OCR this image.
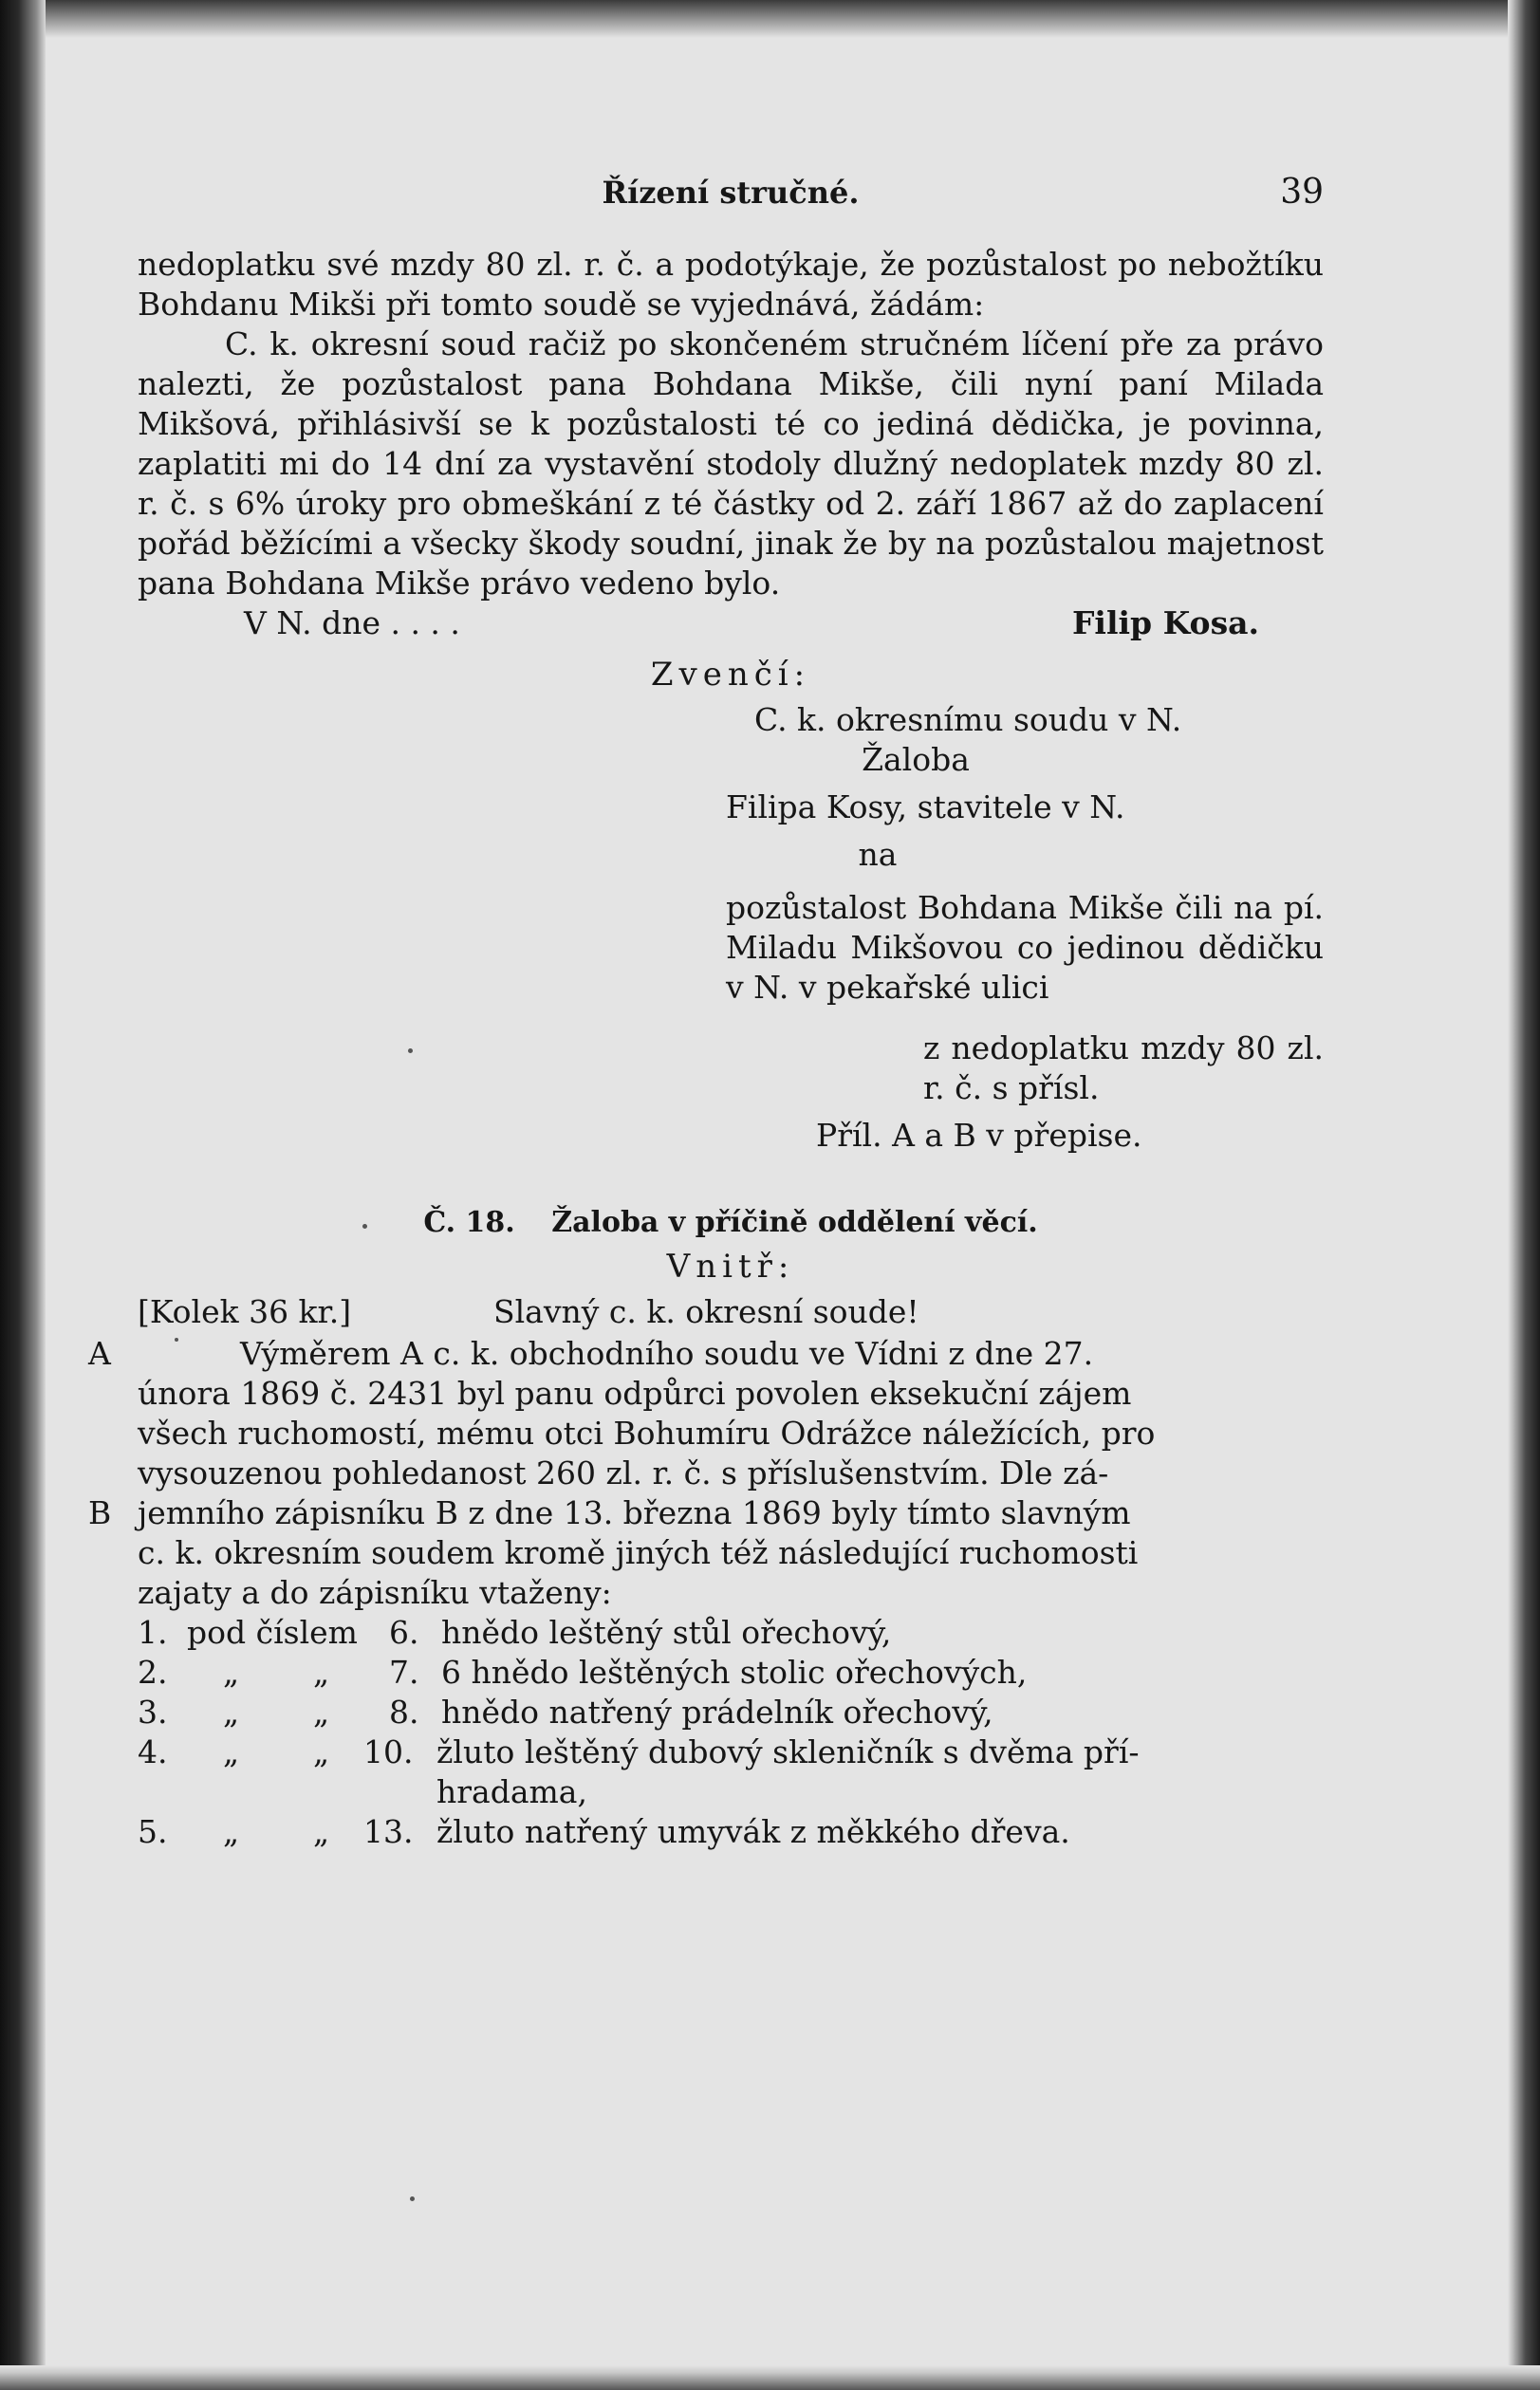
Řízení stručné.	39

nedoplatku své mzdy 80 zl. r. č. a podotýkaje, že pozůstalost po nebožtíku Bohdanu Mikši při tomto soudě se vyjednává, žádám:

C. k. okresní soud račiž po skončeném stručném líčení pře za právo nalezti, že pozůstalost pana Bohdana Mikše, čili nyní paní Milada Mikšová, přihlásivší se k pozůstalosti té co jediná dědička, je povinna, zaplatiti mi do 14 dní za vystavění stodoly dlužný nedoplatek mzdy 80 zl. r. č. s 6% úroky pro obmeškání z té částky od 2. září 1867 až do zaplacení pořád běžícími a všecky škody soudní, jinak že by na pozůstalou majetnost pana Bohdana Mikše právo vedeno bylo.

V N. dne . . . .	Filip Kosa.
Zvenčí:
C. k. okresnímu soudu v N.
Žaloba
Filipa Kosy, stavitele v N.
na

pozůstalost Bohdana Mikše čili na pí. Miladu Mikšovou co jedinou dědičku v N. v pekařské ulici

z nedoplatku mzdy 80 zl. r. č. s přísl.

Příl. A a B v přepise.
Č. 18. Žaloba v příčině oddělení věcí.
Vnitř:
[Kolek 36 kr.]	Slavný c. k. okresní soude!
A	Výměrem A c. k. obchodního soudu ve Vídni z dne 27.
února 1869 č. 2431 byl panu odpůrci povolen eksekuční zájem
všech ruchomostí, mému otci Bohumíru Odrážce náležících, pro
vysouzenou pohledanost 260 zl. r. č. s příslušenstvím. Dle zá-
B jemního zápisníku B z dne 13. března 1869 byly tímto slavným
c. k. okresním soudem kromě jiných též následující ruchomosti
zajaty a do zápisníku vtaženy:
1. pod číslem 6. hnědo leštěný stůl ořechový,
2. „ „ 7. 6 hnědo leštěných stolic ořechových,
3. „ „ 8. hnědo natřený prádelník ořechový,
4. „ „ 10. žluto leštěný dubový skleničník s dvěma pří-
hradama,
5. „ „ 13. žluto natřený umyvák z měkkého dřeva.
